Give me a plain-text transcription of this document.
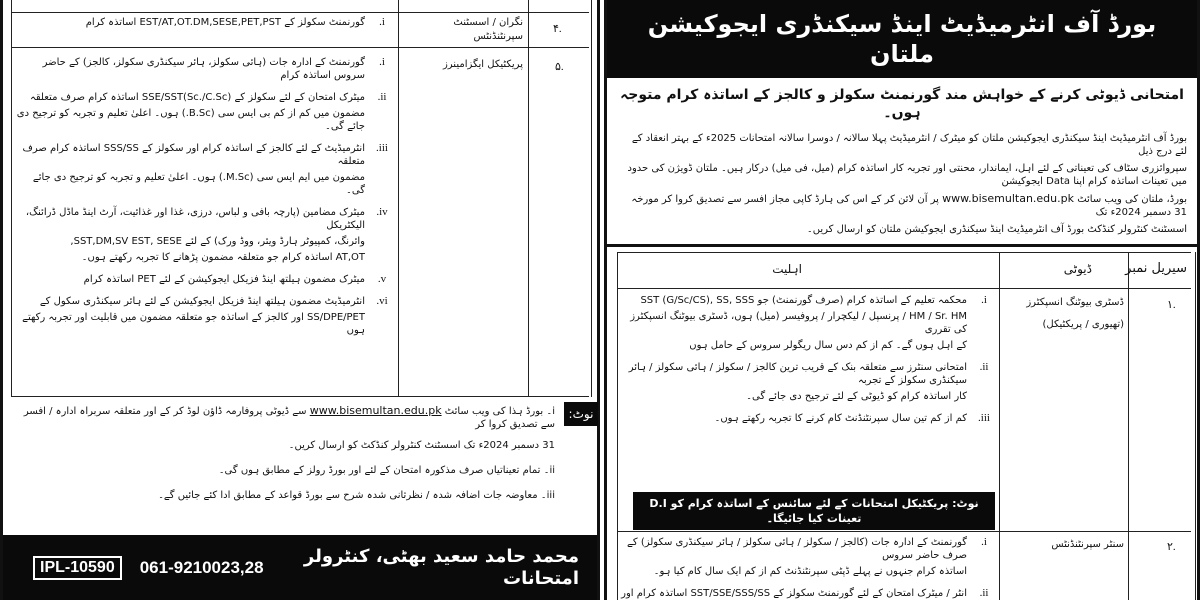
۴.
نگران / اسسٹنٹ سپرنٹنڈنٹس
i.
گورنمنٹ سکولز کے EST/AT,OT.DM,SESE,PET,PST اساتذہ کرام
۵.
پریکٹیکل ایگزامینرز
i.
گورنمنٹ کے ادارہ جات (ہائی سکولز، ہائر سیکنڈری سکولز، کالجز) کے حاضر سروس اساتذہ کرام
ii.
میٹرک امتحان کے لئے سکولز کے SSE/SST(Sc./C.Sc) اساتذہ کرام صرف متعلقہ
مضمون میں کم از کم بی ایس سی (B.Sc.) ہوں۔ اعلیٰ تعلیم و تجربہ کو ترجیح دی جائے گی۔
iii.
انٹرمیڈیٹ کے لئے کالجز کے اساتذہ کرام اور سکولز کے SSS/SS اساتذہ کرام صرف متعلقہ
مضمون میں ایم ایس سی (M.Sc.) ہوں۔ اعلیٰ تعلیم و تجربہ کو ترجیح دی جائے گی۔
iv.
میٹرک مضامین (پارچہ بافی و لباس، درزی، غذا اور غذائیت، آرٹ اینڈ ماڈل ڈرائنگ، الیکٹریکل
وائرنگ، کمپیوٹر ہارڈ ویئر، ووڈ ورک) کے لئے SST,DM,SV EST, SESE,
AT,OT اساتذہ کرام جو متعلقہ مضمون پڑھانے کا تجربہ رکھتے ہوں۔
v.
میٹرک مضمون ہیلتھ اینڈ فزیکل ایجوکیشن کے لئے PET اساتذہ کرام
vi.
انٹرمیڈیٹ مضمون ہیلتھ اینڈ فزیکل ایجوکیشن کے لئے ہائر سیکنڈری سکول کے
SS/DPE/PET اور کالجز کے اساتذہ جو متعلقہ مضمون میں قابلیت اور تجربہ رکھتے ہوں
نوٹ:
i۔ بورڈ ہذا کی ویب سائٹ www.bisemultan.edu.pk سے ڈیوٹی پروفارمہ ڈاؤن لوڈ کر کے اور متعلقہ سربراہ ادارہ / افسر سے تصدیق کروا کر
31 دسمبر 2024ء تک اسسٹنٹ کنٹرولر کنڈکٹ کو ارسال کریں۔
ii۔ تمام تعیناتیاں صرف مذکورہ امتحان کے لئے اور بورڈ رولز کے مطابق ہوں گی۔
iii۔ معاوضہ جات اضافہ شدہ / نظرثانی شدہ شرح سے بورڈ قواعد کے مطابق ادا کئے جائیں گے۔
IPL-10590	061-9210023,28
محمد حامد سعید بھٹی، کنٹرولر امتحانات
بورڈ آف انٹرمیڈیٹ اینڈ سیکنڈری ایجوکیشن ملتان
امتحانی ڈیوٹی کرنے کے خواہش مند گورنمنٹ سکولز و کالجز کے اساتذہ کرام متوجہ ہوں۔
بورڈ آف انٹرمیڈیٹ اینڈ سیکنڈری ایجوکیشن ملتان کو میٹرک / انٹرمیڈیٹ پہلا سالانہ / دوسرا سالانہ امتحانات 2025ء کے بہتر انعقاد کے لئے درج ذیل
سپروائزری سٹاف کی تعیناتی کے لئے اہل، ایماندار، محنتی اور تجربہ کار اساتذہ کرام (میل، فی میل) درکار ہیں۔ ملتان ڈویژن کی حدود میں تعینات اساتذہ کرام اپنا Data ایجوکیشن
بورڈ، ملتان کی ویب سائٹ www.bisemultan.edu.pk پر آن لائن کر کے اس کی ہارڈ کاپی مجاز افسر سے تصدیق کروا کر مورخہ 31 دسمبر 2024ء تک
اسسٹنٹ کنٹرولر کنڈکٹ بورڈ آف انٹرمیڈیٹ اینڈ سیکنڈری ایجوکیشن ملتان کو ارسال کریں۔
سیریل نمبر
ڈیوٹی
اہلیت
۱.
ڈسٹری بیوٹنگ انسپکٹرز
(تھیوری / پریکٹیکل)
i.
محکمہ تعلیم کے اساتذہ کرام (صرف گورنمنٹ) جو SST (G/Sc/CS), SS, SSS
HM / Sr. HM / پرنسپل / لیکچرار / پروفیسر (میل) ہوں، ڈسٹری بیوٹنگ انسپکٹرز کی تقرری
کے اہل ہوں گے۔ کم از کم دس سال ریگولر سروس کے حامل ہوں
ii.
امتحانی سنٹرز سے متعلقہ بنک کے قریب ترین کالجز / سکولز / ہائی سکولز / ہائر سیکنڈری سکولز کے تجربہ
کار اساتذہ کرام کو ڈیوٹی کے لئے ترجیح دی جائے گی۔
iii.
کم از کم تین سال سپرنٹنڈنٹ کام کرنے کا تجربہ رکھتے ہوں۔
نوٹ: پریکٹیکل امتحانات کے لئے سائنس کے اساتذہ کرام کو D.I تعینات کیا جائیگا۔
۲.
سنٹر سپرنٹنڈنٹس
i.
گورنمنٹ کے ادارہ جات (کالجز / سکولز / ہائی سکولز / ہائر سیکنڈری سکولز) کے صرف حاضر سروس
اساتذہ کرام جنہوں نے پہلے ڈپٹی سپرنٹنڈنٹ کم از کم ایک سال کام کیا ہو۔
ii.
انٹر / میٹرک امتحان کے لئے گورنمنٹ سکولز کے SST/SSE/SSS/SS اساتذہ کرام اور
